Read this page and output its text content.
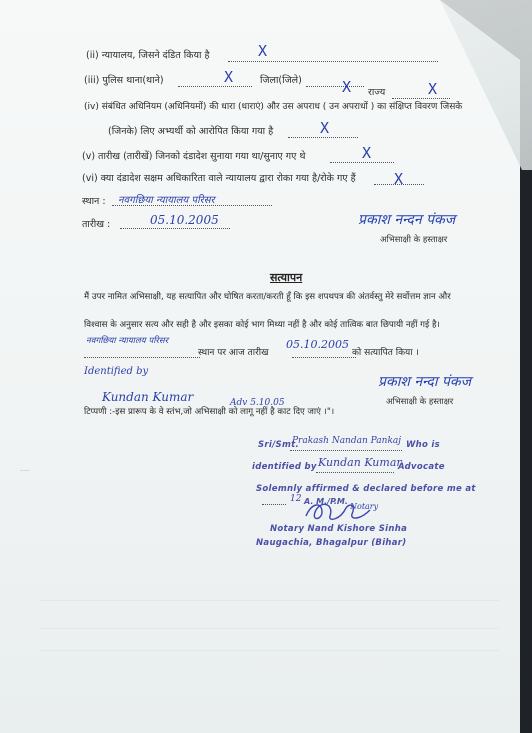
(ii) न्यायालय, जिसने दंडित किया है	X
(iii) पुलिस थाना(थाने)	X	जिला(जिले)	X राज्य	X
(iv) संबंधित अधिनियम (अधिनियमों) की धारा (धाराएं) और उस अपराध ( उन अपराधों ) का संक्षिप्त विवरण जिसके
(जिनके) लिए अभ्यर्थी को आरोपित किया गया है	X
(v) तारीख (तारीखें) जिनको दंडादेश सुनाया गया था/सुनाए गए थे	X
(vi) क्या दंडादेश सक्षम अधिकारिता वाले न्यायालय द्वारा रोका गया है/रोके गए हैं	X
स्थान : नवगछिया न्यायालय परिसर
तारीख :	05.10.2005	प्रकाश नन्दन पंकज
अभिसाक्षी के हस्ताक्षर
सत्यापन
मैं उपर नामित अभिसाक्षी, यह सत्यापित और घोषित करता/करती हूँ कि इस शपथपत्र की अंतर्वस्तु मेरे सर्वोत्तम ज्ञान और
विश्वास के अनुसार सत्य और सही है और इसका कोई भाग मिथ्या नहीं है और कोई तात्विक बात छिपायी नहीं गई है।
नवगछिया न्यायालय परिसर
स्थान पर आज तारीख
05.10.2005
को सत्यापित किया ।
Identified by
Kundan Kumar	Adv 5.10.05
प्रकाश नन्दा पंकज
अभिसाक्षी के हस्ताक्षर
टिप्पणी :-इस प्रारूप के वे स्तंभ,जो अभिसाक्षी को लागू नहीं है काट दिए जाएं ।"।
Sri/Smt.
Prakash Nandan Pankaj Who is
identified by Kundan Kumar
Advocate
Solemnly affirmed & declared before me at
12 A. M./P.M.
Notary
Notary Nand Kishore Sinha
Naugachia, Bhagalpur (Bihar)
